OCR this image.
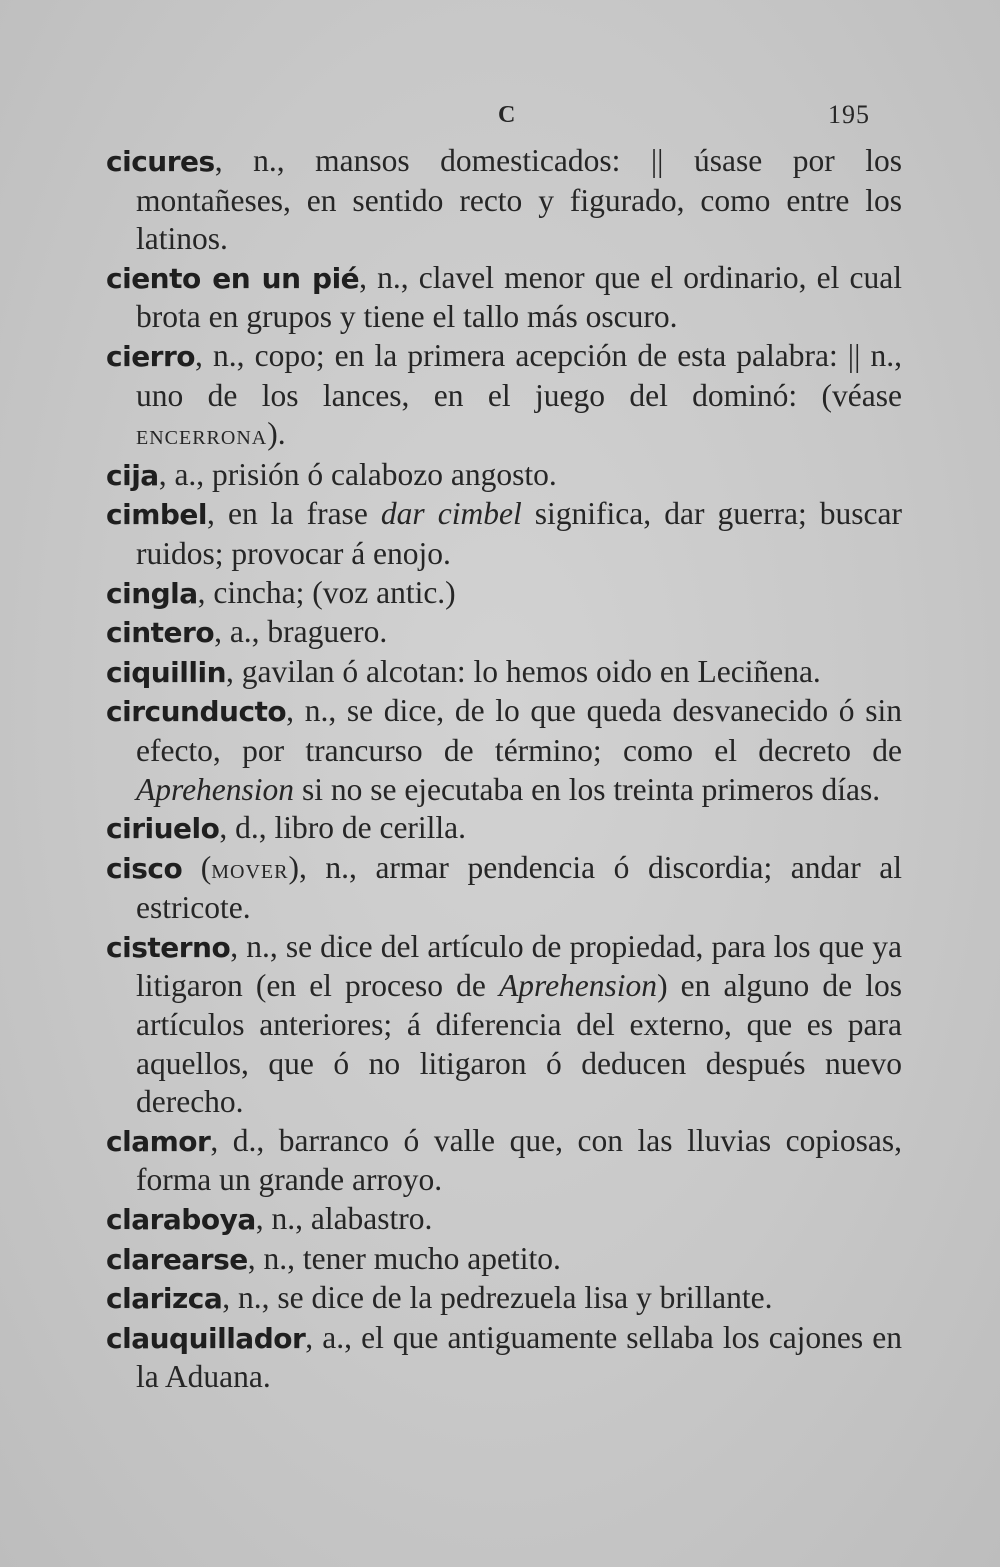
C	195

cicures, n., mansos domesticados: || úsase por los montañeses, en sentido recto y figurado, como entre los latinos.

ciento en un pié, n., clavel menor que el ordinario, el cual brota en grupos y tiene el tallo más oscuro.

cierro, n., copo; en la primera acepción de esta palabra: || n., uno de los lances, en el juego del dominó: (véase encerrona).

cija, a., prisión ó calabozo angosto.

cimbel, en la frase dar cimbel significa, dar guerra; buscar ruidos; provocar á enojo.

cingla, cincha; (voz antic.)

cintero, a., braguero.

ciquillin, gavilan ó alcotan: lo hemos oido en Leciñena.

circunducto, n., se dice, de lo que queda desvanecido ó sin efecto, por trancurso de término; como el decreto de Aprehension si no se ejecutaba en los treinta primeros días.

ciriuelo, d., libro de cerilla.

cisco (mover), n., armar pendencia ó discordia; andar al estricote.

cisterno, n., se dice del artículo de propiedad, para los que ya litigaron (en el proceso de Aprehension) en alguno de los artículos anteriores; á diferencia del externo, que es para aquellos, que ó no litigaron ó deducen después nuevo derecho.

clamor, d., barranco ó valle que, con las lluvias copiosas, forma un grande arroyo.

claraboya, n., alabastro.

clarearse, n., tener mucho apetito.

clarizca, n., se dice de la pedrezuela lisa y brillante.

clauquillador, a., el que antiguamente sellaba los cajones en la Aduana.
